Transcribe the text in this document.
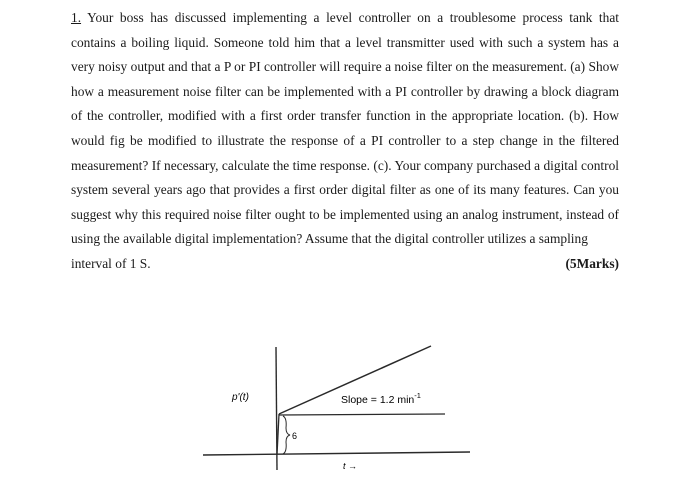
1. Your boss has discussed implementing a level controller on a troublesome process tank that contains a boiling liquid. Someone told him that a level transmitter used with such a system has a very noisy output and that a P or PI controller will require a noise filter on the measurement. (a) Show how a measurement noise filter can be implemented with a PI controller by drawing a block diagram of the controller, modified with a first order transfer function in the appropriate location. (b). How would fig be modified to illustrate the response of a PI controller to a step change in the filtered measurement? If necessary, calculate the time response. (c). Your company purchased a digital control system several years ago that provides a first order digital filter as one of its many features. Can you suggest why this required noise filter ought to be implemented using an analog instrument, instead of using the available digital implementation? Assume that the digital controller utilizes a sampling
interval of 1 S.	(5Marks)
p'(t)
6
Slope = 1.2 $\min^{-1}$
t →
